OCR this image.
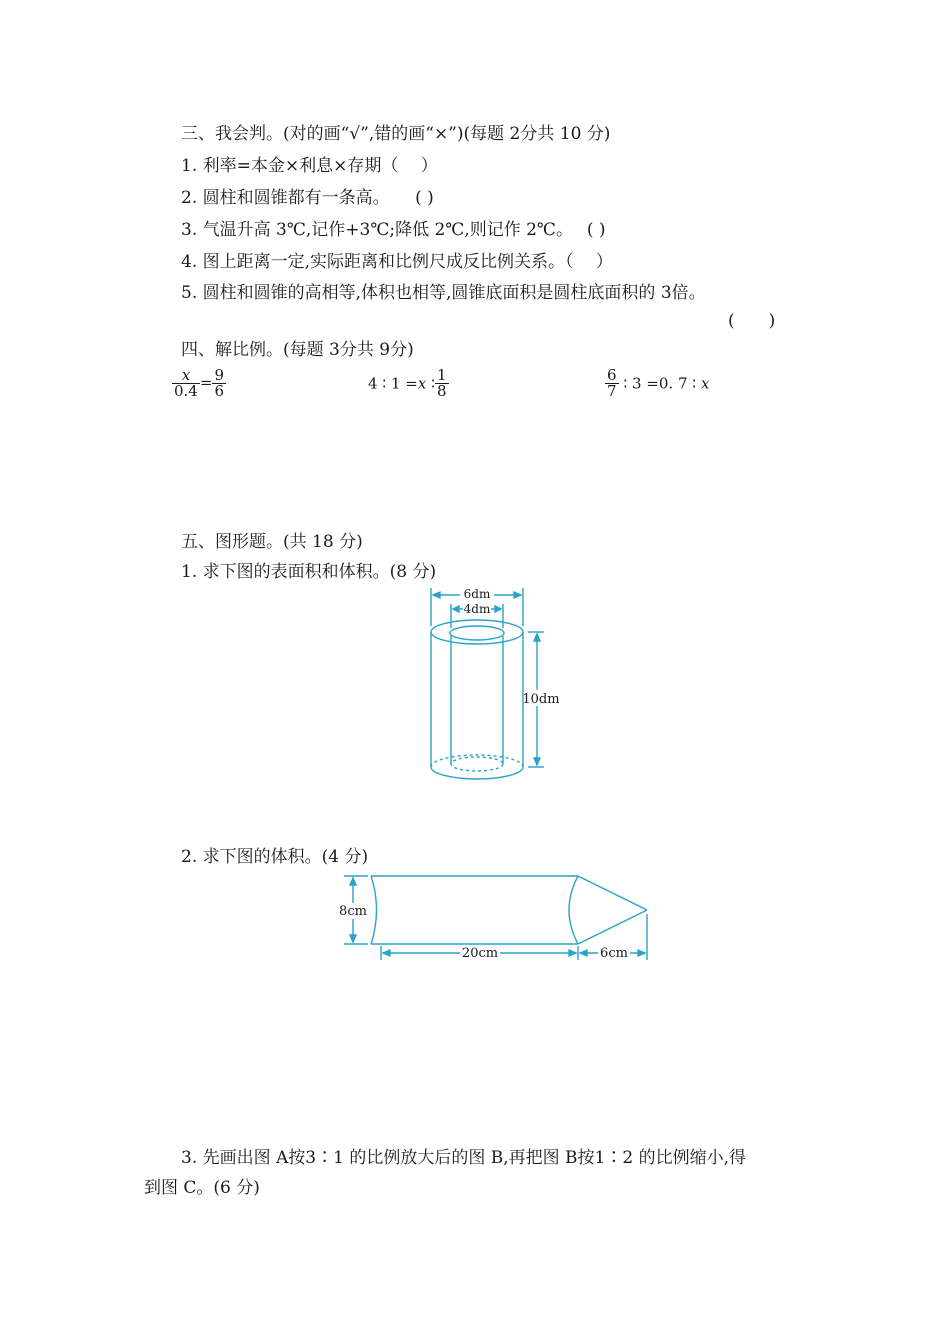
三、我会判。(对的画“√”,错的画“×”)(每题 2分共 10 分)
1. 利率=本金×利息×存期（　 ）
2. 圆柱和圆锥都有一条高。　　( )
3. 气温升高 3℃,记作+3℃;降低 2℃,则记作 2℃。　 ( )
4. 图上距离一定,实际距离和比例尺成反比例关系。（　 ）
5. 圆柱和圆锥的高相等,体积也相等,圆锥底面积是圆柱底面积的 3倍。
(　　)
四、解比例。(每题 3分共 9分)
$\frac{x}{0.4} = \frac{9}{6}$	4 ∶ 1 =x ∶ $\frac{1}{8}$	$\frac{6}{7}$ ∶ 3 =0. 7 ∶ x
五、图形题。(共 18 分)
1. 求下图的表面积和体积。(8 分)
6dm
4dm
10dm
2. 求下图的体积。(4 分)
8cm
20cm	6cm
3. 先画出图 A按3∶1 的比例放大后的图 B,再把图 B按1∶2 的比例缩小,得
到图 C。(6 分)
